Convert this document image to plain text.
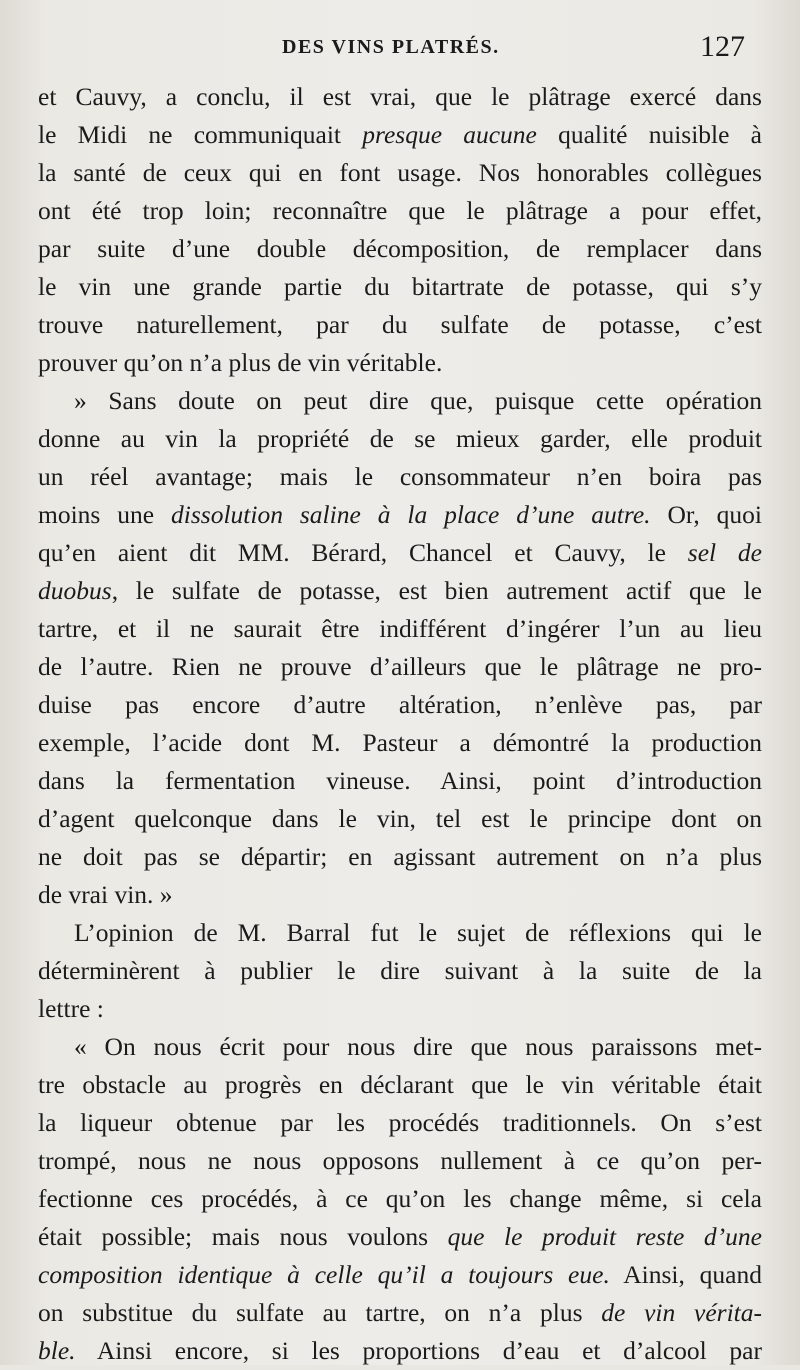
DES VINS PLATRÉS.	127
et Cauvy, a conclu, il est vrai, que le plâtrage exercé dans
le Midi ne communiquait presque aucune qualité nuisible à
la santé de ceux qui en font usage. Nos honorables collègues
ont été trop loin; reconnaître que le plâtrage a pour effet,
par suite d’une double décomposition, de remplacer dans
le vin une grande partie du bitartrate de potasse, qui s’y
trouve naturellement, par du sulfate de potasse, c’est
prouver qu’on n’a plus de vin véritable.
» Sans doute on peut dire que, puisque cette opération
donne au vin la propriété de se mieux garder, elle produit
un réel avantage; mais le consommateur n’en boira pas
moins une dissolution saline à la place d’une autre. Or, quoi
qu’en aient dit MM. Bérard, Chancel et Cauvy, le sel de
duobus, le sulfate de potasse, est bien autrement actif que le
tartre, et il ne saurait être indifférent d’ingérer l’un au lieu
de l’autre. Rien ne prouve d’ailleurs que le plâtrage ne pro-
duise pas encore d’autre altération, n’enlève pas, par
exemple, l’acide dont M. Pasteur a démontré la production
dans la fermentation vineuse. Ainsi, point d’introduction
d’agent quelconque dans le vin, tel est le principe dont on
ne doit pas se départir; en agissant autrement on n’a plus
de vrai vin. »
L’opinion de M. Barral fut le sujet de réflexions qui le
déterminèrent à publier le dire suivant à la suite de la
lettre :
« On nous écrit pour nous dire que nous paraissons met-
tre obstacle au progrès en déclarant que le vin véritable était
la liqueur obtenue par les procédés traditionnels. On s’est
trompé, nous ne nous opposons nullement à ce qu’on per-
fectionne ces procédés, à ce qu’on les change même, si cela
était possible; mais nous voulons que le produit reste d’une
composition identique à celle qu’il a toujours eue. Ainsi, quand
on substitue du sulfate au tartre, on n’a plus de vin vérita-
ble. Ainsi encore, si les proportions d’eau et d’alcool par
